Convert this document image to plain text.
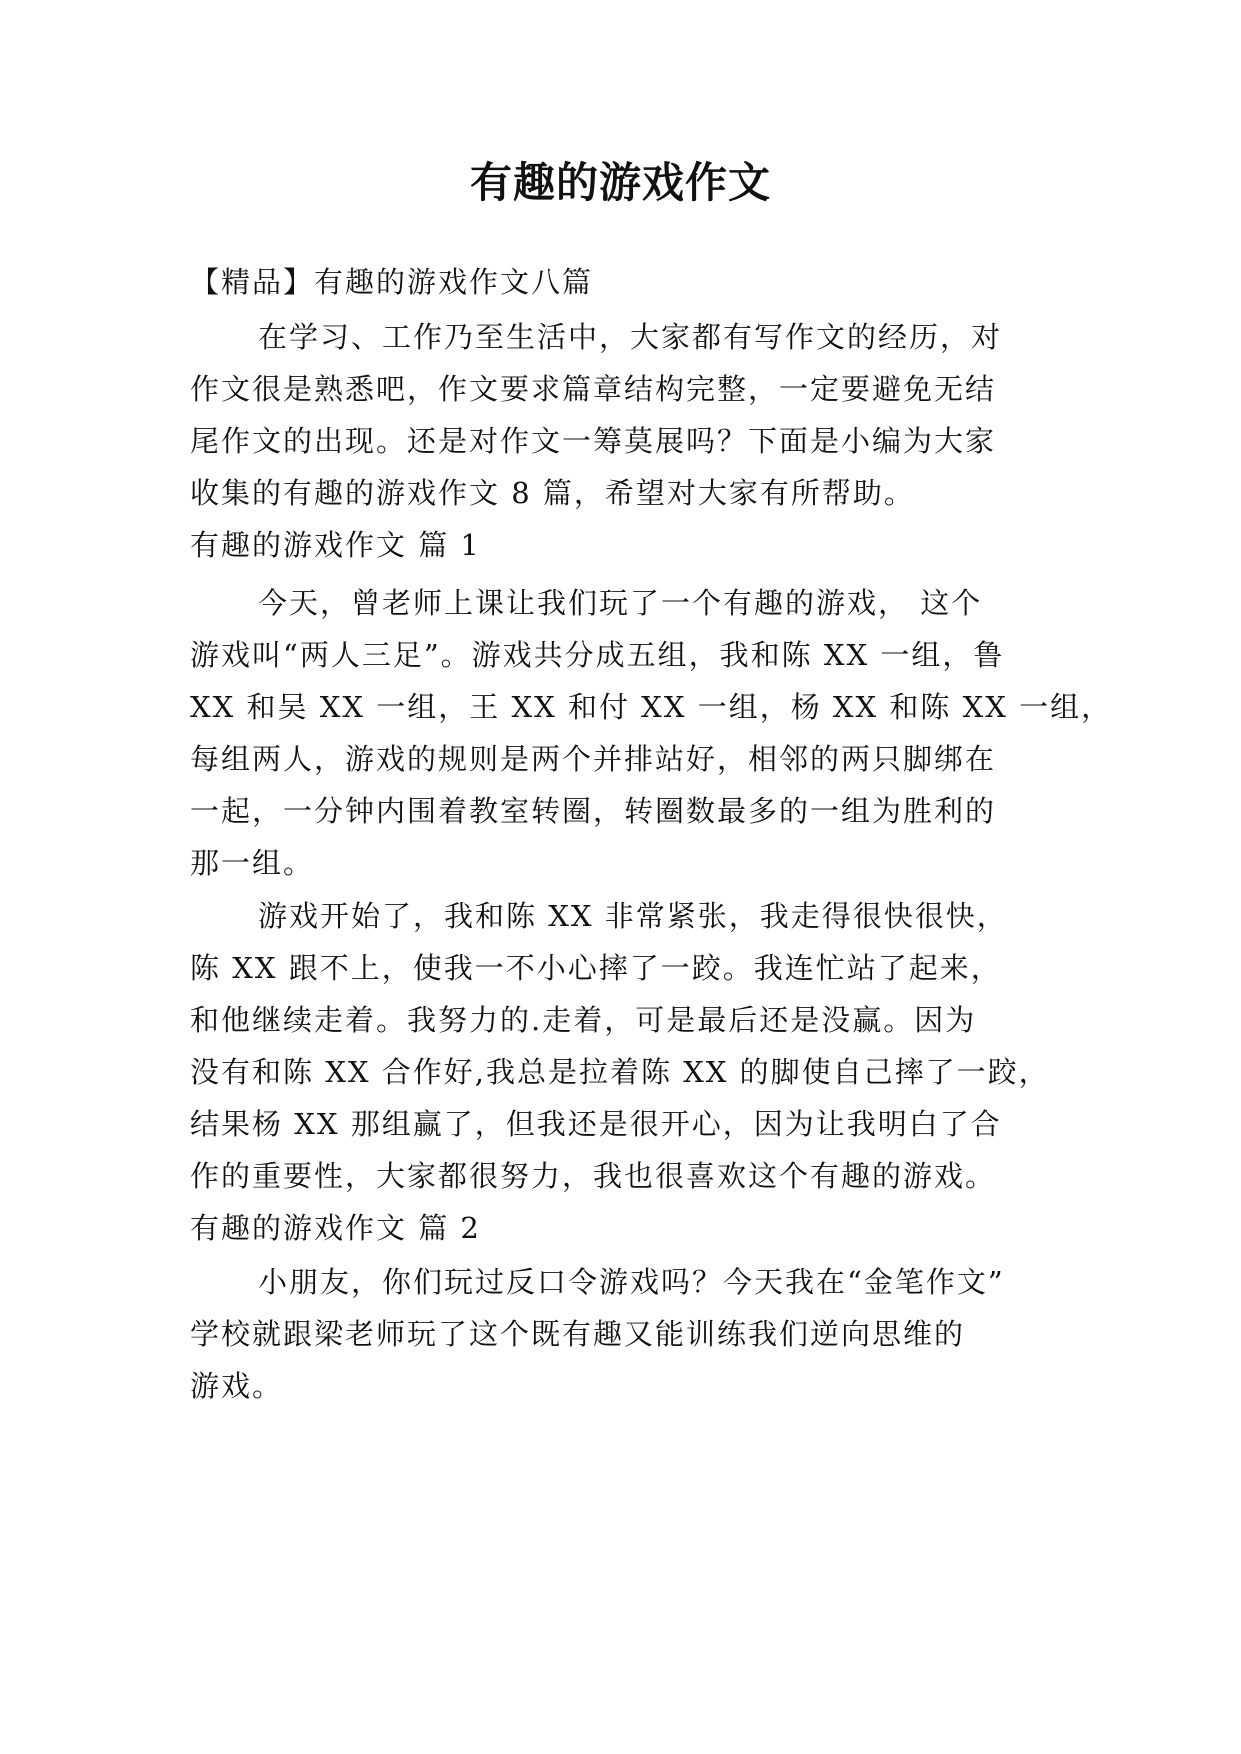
有趣的游戏作文

【精品】有趣的游戏作文八篇

在学习、工作乃至生活中，大家都有写作文的经历，对

作文很是熟悉吧，作文要求篇章结构完整，一定要避免无结

尾作文的出现。还是对作文一筹莫展吗？下面是小编为大家

收集的有趣的游戏作文 8 篇，希望对大家有所帮助。

有趣的游戏作文 篇 1

今天，曾老师上课让我们玩了一个有趣的游戏， 这个

游戏叫“两人三足”。游戏共分成五组，我和陈 XX 一组，鲁

XX 和吴 XX 一组，王 XX 和付 XX 一组，杨 XX 和陈 XX 一组，

每组两人，游戏的规则是两个并排站好，相邻的两只脚绑在

一起，一分钟内围着教室转圈，转圈数最多的一组为胜利的

那一组。

游戏开始了，我和陈 XX 非常紧张，我走得很快很快，

陈 XX 跟不上，使我一不小心摔了一跤。我连忙站了起来，

和他继续走着。我努力的.走着，可是最后还是没赢。因为

没有和陈 XX 合作好,我总是拉着陈 XX 的脚使自己摔了一跤，

结果杨 XX 那组赢了，但我还是很开心，因为让我明白了合

作的重要性，大家都很努力，我也很喜欢这个有趣的游戏。

有趣的游戏作文 篇 2

小朋友，你们玩过反口令游戏吗？今天我在“金笔作文”

学校就跟梁老师玩了这个既有趣又能训练我们逆向思维的

游戏。
